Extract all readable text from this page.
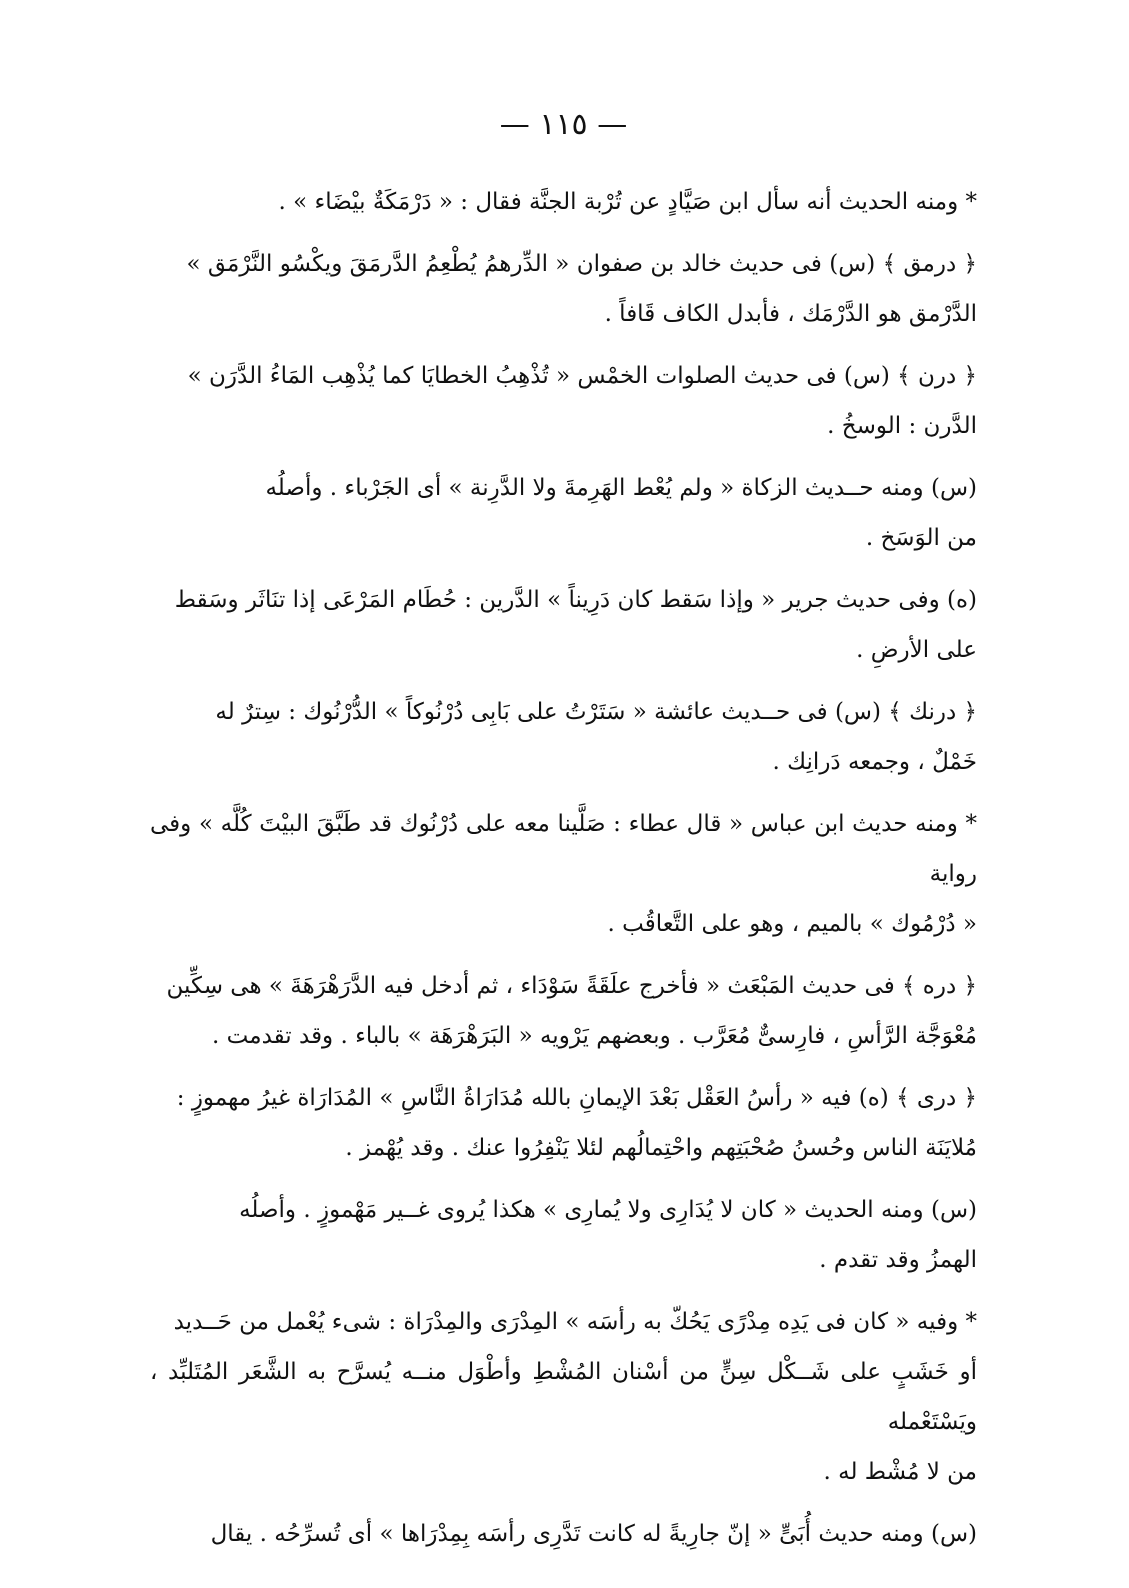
— ١١٥ —
* ومنه الحديث أنه سأل ابن صَيَّادٍ عن تُرْبة الجنَّة فقال : « دَرْمَكَةٌ بيْضَاء » .
﴿ درمق ﴾ (س) فى حديث خالد بن صفوان « الدِّرهمُ يُطْعِمُ الدَّرمَقَ ويكْسُو النَّرْمَق »
الدَّرْمق هو الدَّرْمَك ، فأبدل الكاف قَافاً .
﴿ درن ﴾ (س) فى حديث الصلوات الخمْس « تُذْهِبُ الخطايَا كما يُذْهِب المَاءُ الدَّرَن »
الدَّرن : الوسخُ .
(س) ومنه حــديث الزكاة « ولم يُعْط الهَرِمةَ ولا الدَّرِنة » أى الجَرْباء . وأصلُه
من الوَسَخ .
(ه) وفى حديث جرير « وإذا سَقط كان دَرِيناً » الدَّرين : حُطَام المَرْعَى إذا تنَاثَر وسَقط
على الأرضِ .
﴿ درنك ﴾ (س) فى حــديث عائشة « سَتَرْتُ على بَابِى دُرْنُوكاً » الدُّرْنُوك : سِترٌ له
خَمْلٌ ، وجمعه دَرانِك .
* ومنه حديث ابن عباس « قال عطاء : صَلَّينا معه على دُرْنُوك قد طَبَّقَ البيْتَ كُلَّه » وفى رواية
« دُرْمُوك » بالميم ، وهو على التَّعاقُب .
﴿ دره ﴾ فى حديث المَبْعَث « فأخرج علَقَةً سَوْدَاء ، ثم أدخل فيه الدَّرَهْرَهَةَ » هى سِكِّين
مُعْوَجَّة الرَّأسِ ، فارِسىٌّ مُعَرَّب . وبعضهم يَرْويه « البَرَهْرَهَة » بالباء . وقد تقدمت .
﴿ درى ﴾ (ه) فيه « رأسُ العَقْل بَعْدَ الإيمانِ بالله مُدَارَاةُ النَّاسِ » المُدَارَاة غيرُ مهموزٍ :
مُلايَنَة الناس وحُسنُ صُحْبَتِهم واحْتِمالُهم لئلا يَنْفِرُوا عنك . وقد يُهْمز .
(س) ومنه الحديث « كان لا يُدَارِى ولا يُمارِى » هكذا يُروى غــير مَهْموزٍ . وأصلُه
الهمزُ وقد تقدم .
* وفيه « كان فى يَدِه مِدْرًى يَحُكّ به رأسَه » المِدْرَى والمِدْرَاة : شىء يُعْمل من حَــديد
أو خَشَبٍ على شَــكْل سِنٍّ من أسْنان المُشْطِ وأطْوَل منــه يُسرَّح به الشَّعَر المُتَلبِّد ، ويَسْتَعْمله
من لا مُشْط له .
(س) ومنه حديث أُبَىٍّ « إنّ جارِيةً له كانت تَدَّرِى رأسَه بِمِدْرَاها » أى تُسرِّحُه . يقال
